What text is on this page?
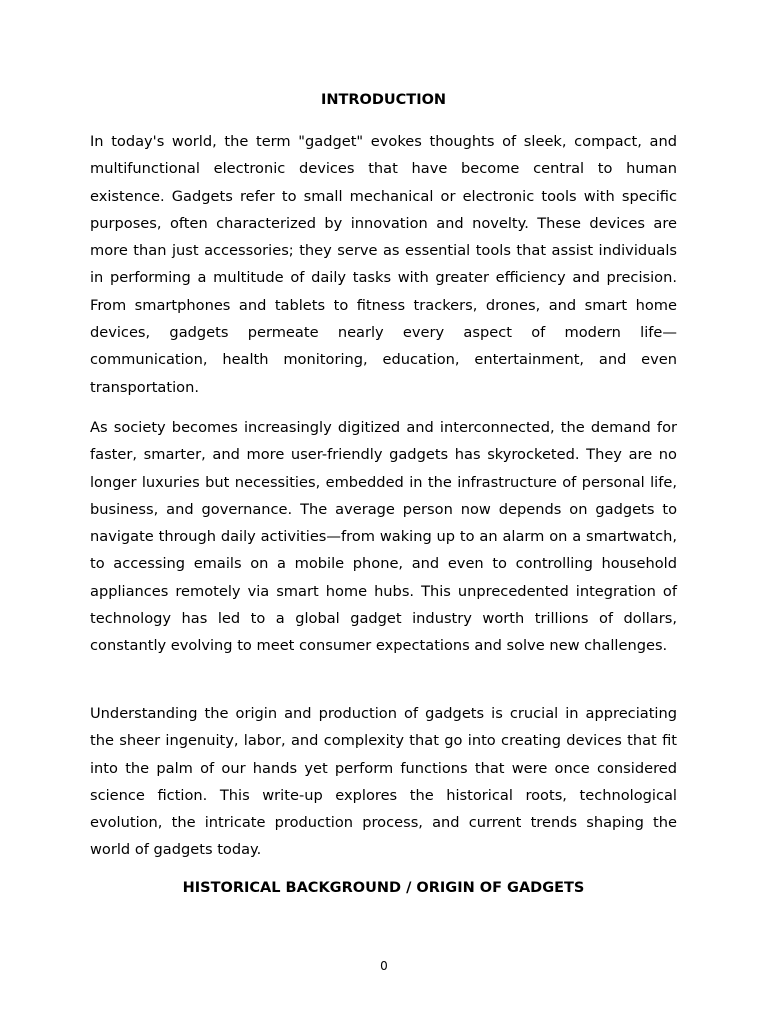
INTRODUCTION

In today's world, the term "gadget" evokes thoughts of sleek, compact, and multifunctional electronic devices that have become central to human existence. Gadgets refer to small mechanical or electronic tools with specific purposes, often characterized by innovation and novelty. These devices are more than just accessories; they serve as essential tools that assist individuals in performing a multitude of daily tasks with greater efficiency and precision. From smartphones and tablets to fitness trackers, drones, and smart home devices, gadgets permeate nearly every aspect of modern life—communication, health monitoring, education, entertainment, and even transportation.

As society becomes increasingly digitized and interconnected, the demand for faster, smarter, and more user-friendly gadgets has skyrocketed. They are no longer luxuries but necessities, embedded in the infrastructure of personal life, business, and governance. The average person now depends on gadgets to navigate through daily activities—from waking up to an alarm on a smartwatch, to accessing emails on a mobile phone, and even to controlling household appliances remotely via smart home hubs. This unprecedented integration of technology has led to a global gadget industry worth trillions of dollars, constantly evolving to meet consumer expectations and solve new challenges.

Understanding the origin and production of gadgets is crucial in appreciating the sheer ingenuity, labor, and complexity that go into creating devices that fit into the palm of our hands yet perform functions that were once considered science fiction. This write-up explores the historical roots, technological evolution, the intricate production process, and current trends shaping the world of gadgets today.

HISTORICAL BACKGROUND / ORIGIN OF GADGETS
0
